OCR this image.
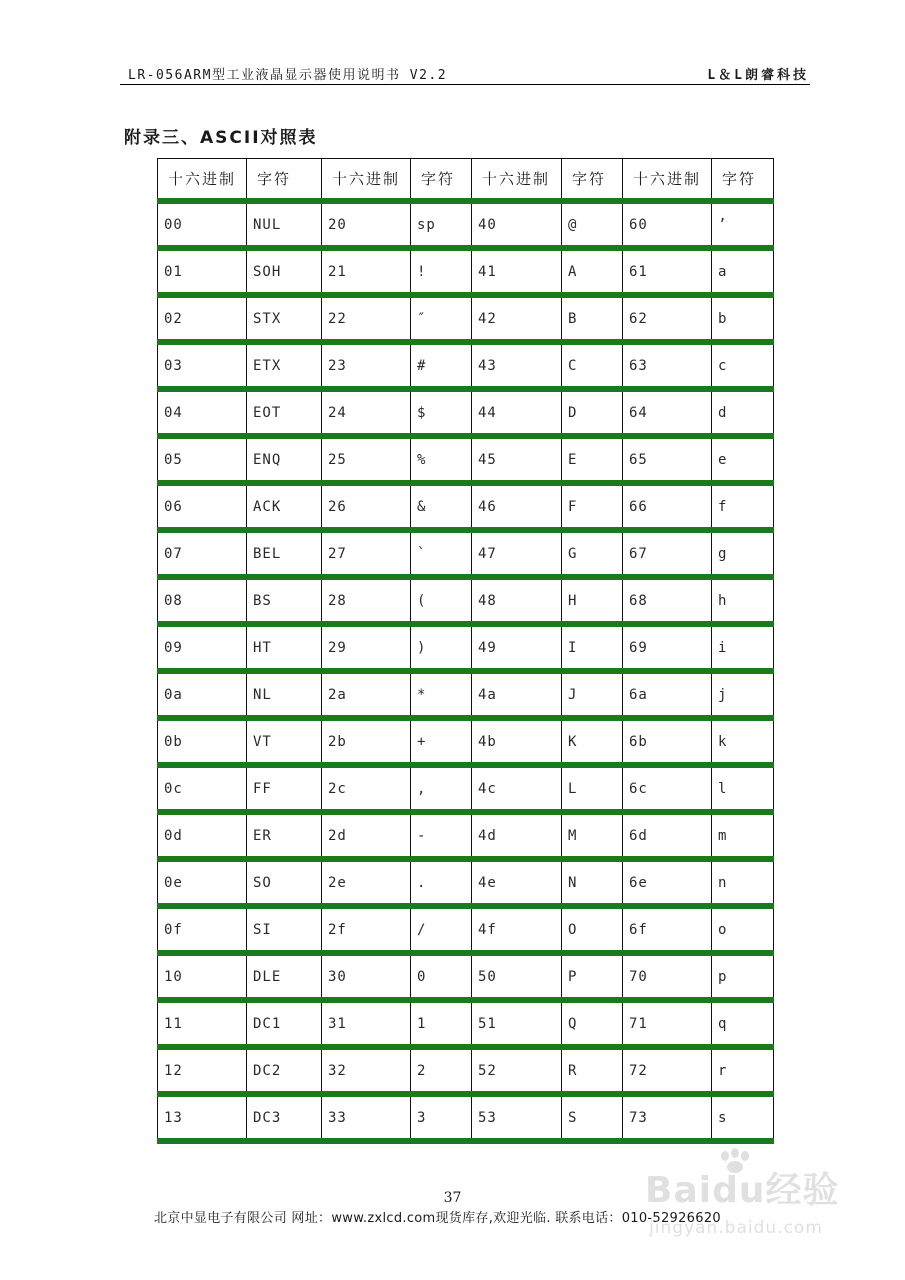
LR-056ARM型工业液晶显示器使用说明书 V2.2	L＆L朗睿科技
附录三、ASCII对照表
十六进制	字符	十六进制	字符	十六进制	字符	十六进制	字符
00	NUL	20	sp	40	@	60	’
01	SOH	21	!	41	A	61	a
02	STX	22	″	42	B	62	b
03	ETX	23	#	43	C	63	c
04	EOT	24	$	44	D	64	d
05	ENQ	25	%	45	E	65	e
06	ACK	26	&	46	F	66	f
07	BEL	27	`	47	G	67	g
08	BS	28	(	48	H	68	h
09	HT	29	)	49	I	69	i
0a	NL	2a	*	4a	J	6a	j
0b	VT	2b	+	4b	K	6b	k
0c	FF	2c	,	4c	L	6c	l
0d	ER	2d	-	4d	M	6d	m
0e	SO	2e	.	4e	N	6e	n
0f	SI	2f	/	4f	O	6f	o
10	DLE	30	0	50	P	70	p
11	DC1	31	1	51	Q	71	q
12	DC2	32	2	52	R	72	r
13	DC3	33	3	53	S	73	s
37
北京中显电子有限公司 网址：www.zxlcd.com现货库存,欢迎光临. 联系电话：010-52926620
Baidu经验
jingyan.baidu.com
